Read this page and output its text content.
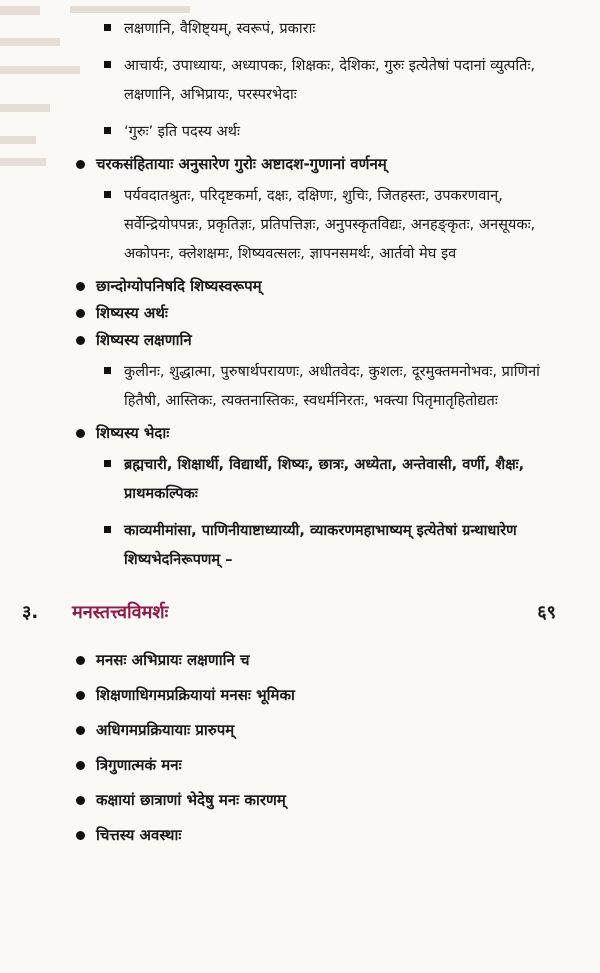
लक्षणानि, वैशिष्ट्यम्, स्वरूपं, प्रकाराः
आचार्यः, उपाध्यायः, अध्यापकः, शिक्षकः, देशिकः, गुरुः इत्येतेषां पदानां व्युत्पतिः, लक्षणानि, अभिप्रायः, परस्परभेदाः
‘गुरुः’ इति पदस्य अर्थः
चरकसंहितायाः अनुसारेण गुरोः अष्टादश-गुणानां वर्णनम्
पर्यवदातश्रुतः, परिदृष्टकर्मा, दक्षः, दक्षिणः, शुचिः, जितहस्तः, उपकरणवान्, सर्वेन्द्रियोपपन्नः, प्रकृतिज्ञः, प्रतिपत्तिज्ञः, अनुपस्कृतविद्यः, अनहङ्कृतः, अनसूयकः, अकोपनः, क्लेशक्षमः, शिष्यवत्सलः, ज्ञापनसमर्थः, आर्तवो मेघ इव
छान्दोग्योपनिषदि शिष्यस्वरूपम्
शिष्यस्य अर्थः
शिष्यस्य लक्षणानि
कुलीनः, शुद्धात्मा, पुरुषार्थपरायणः, अधीतवेदः, कुशलः, दूरमुक्तमनोभवः, प्राणिनां हितैषी, आस्तिकः, त्यक्तनास्तिकः, स्वधर्मनिरतः, भक्त्या पितृमातृहितोद्यतः
शिष्यस्य भेदाः
ब्रह्मचारी, शिक्षार्थी, विद्यार्थी, शिष्यः, छात्रः, अध्येता, अन्तेवासी, वर्णी, शैक्षः, प्राथमकल्पिकः
काव्यमीमांसा, पाणिनीयाष्टाध्याय्यी, व्याकरणमहाभाष्यम् इत्येतेषां ग्रन्थाधारेण शिष्यभेदनिरूपणम् –
३. मनस्तत्त्वविमर्शः	६९
मनसः अभिप्रायः लक्षणानि च
शिक्षणाधिगमप्रक्रियायां मनसः भूमिका
अधिगमप्रक्रियायाः प्रारुपम्
त्रिगुणात्मकं मनः
कक्षायां छात्राणां भेदेषु मनः कारणम्
चित्तस्य अवस्थाः
